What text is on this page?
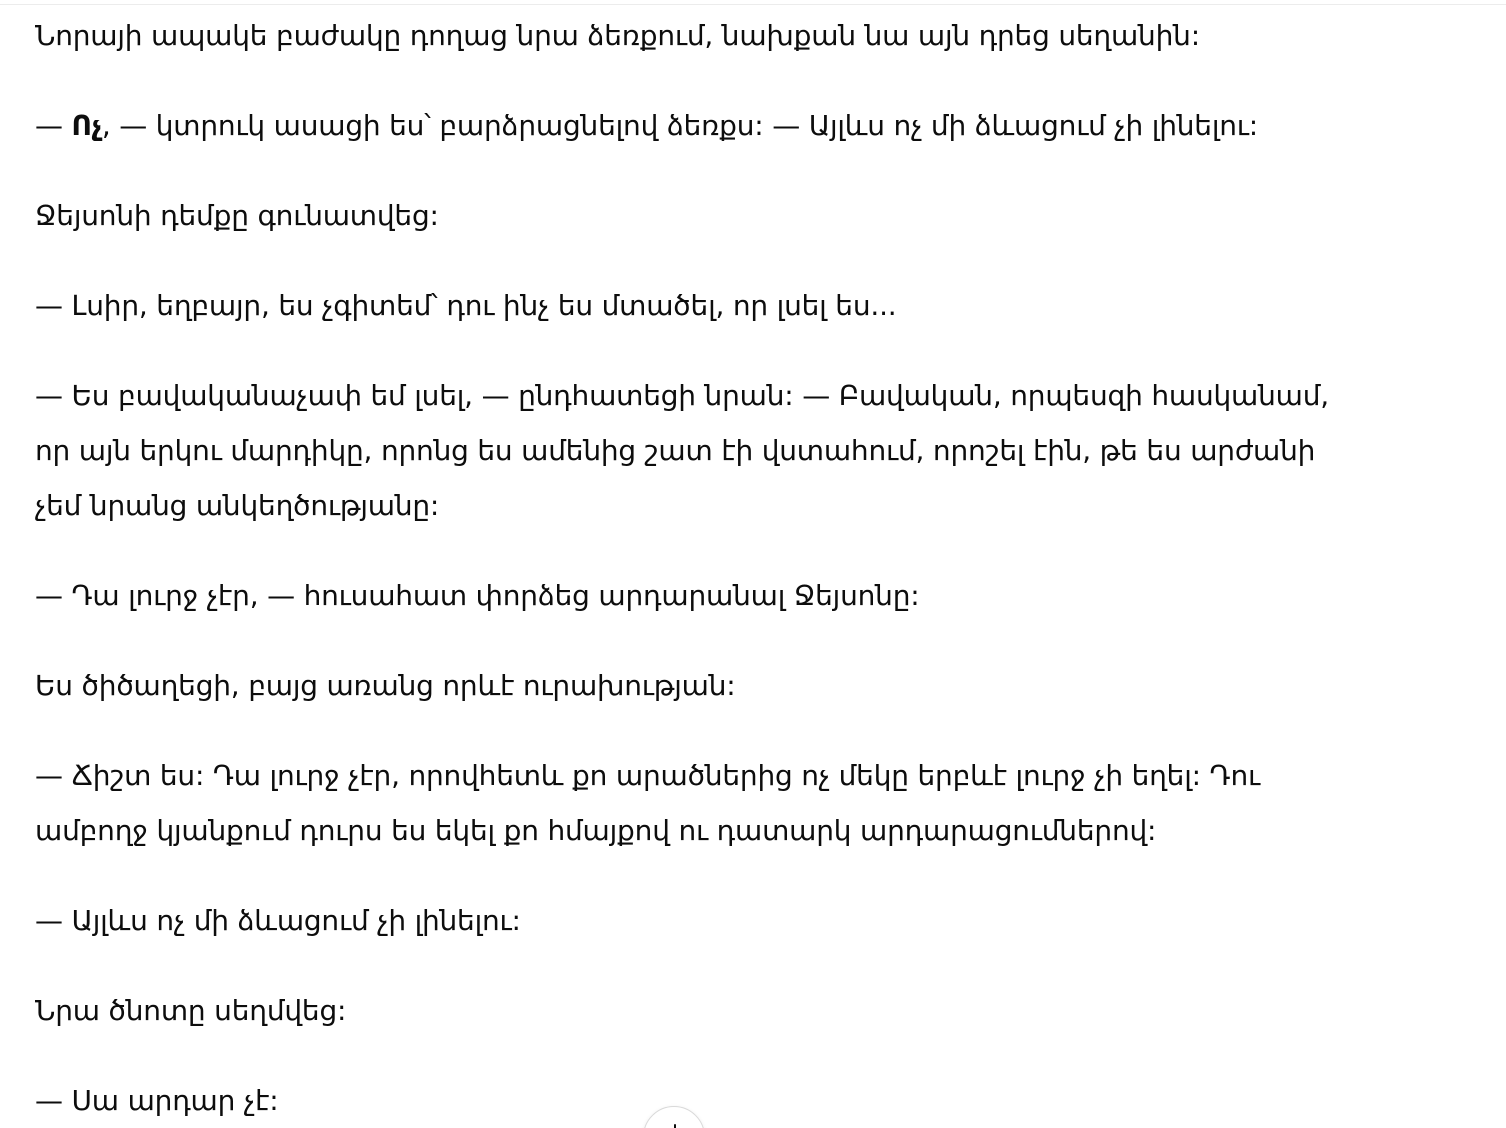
Նորայի ապակե բաժակը դողաց նրա ձեռքում, նախքան նա այն դրեց սեղանին:

— Ոչ, — կտրուկ ասացի ես՝ բարձրացնելով ձեռքս: — Այլևս ոչ մի ձևացում չի լինելու:

Ջեյսոնի դեմքը գունատվեց:

— Լսիր, եղբայր, ես չգիտեմ՝ դու ինչ ես մտածել, որ լսել ես...

— Ես բավականաչափ եմ լսել, — ընդհատեցի նրան: — Բավական, որպեսզի հասկանամ, որ այն երկու մարդիկը, որոնց ես ամենից շատ էի վստահում, որոշել էին, թե ես արժանի չեմ նրանց անկեղծությանը:

— Դա լուրջ չէր, — հուսահատ փորձեց արդարանալ Ջեյսոնը:

Ես ծիծաղեցի, բայց առանց որևէ ուրախության:

— Ճիշտ ես: Դա լուրջ չէր, որովհետև քո արածներից ոչ մեկը երբևէ լուրջ չի եղել: Դու ամբողջ կյանքում դուրս ես եկել քո հմայքով ու դատարկ արդարացումներով:

— Այլևս ոչ մի ձևացում չի լինելու:

Նրա ծնոտը սեղմվեց:

— Սա արդար չէ:
